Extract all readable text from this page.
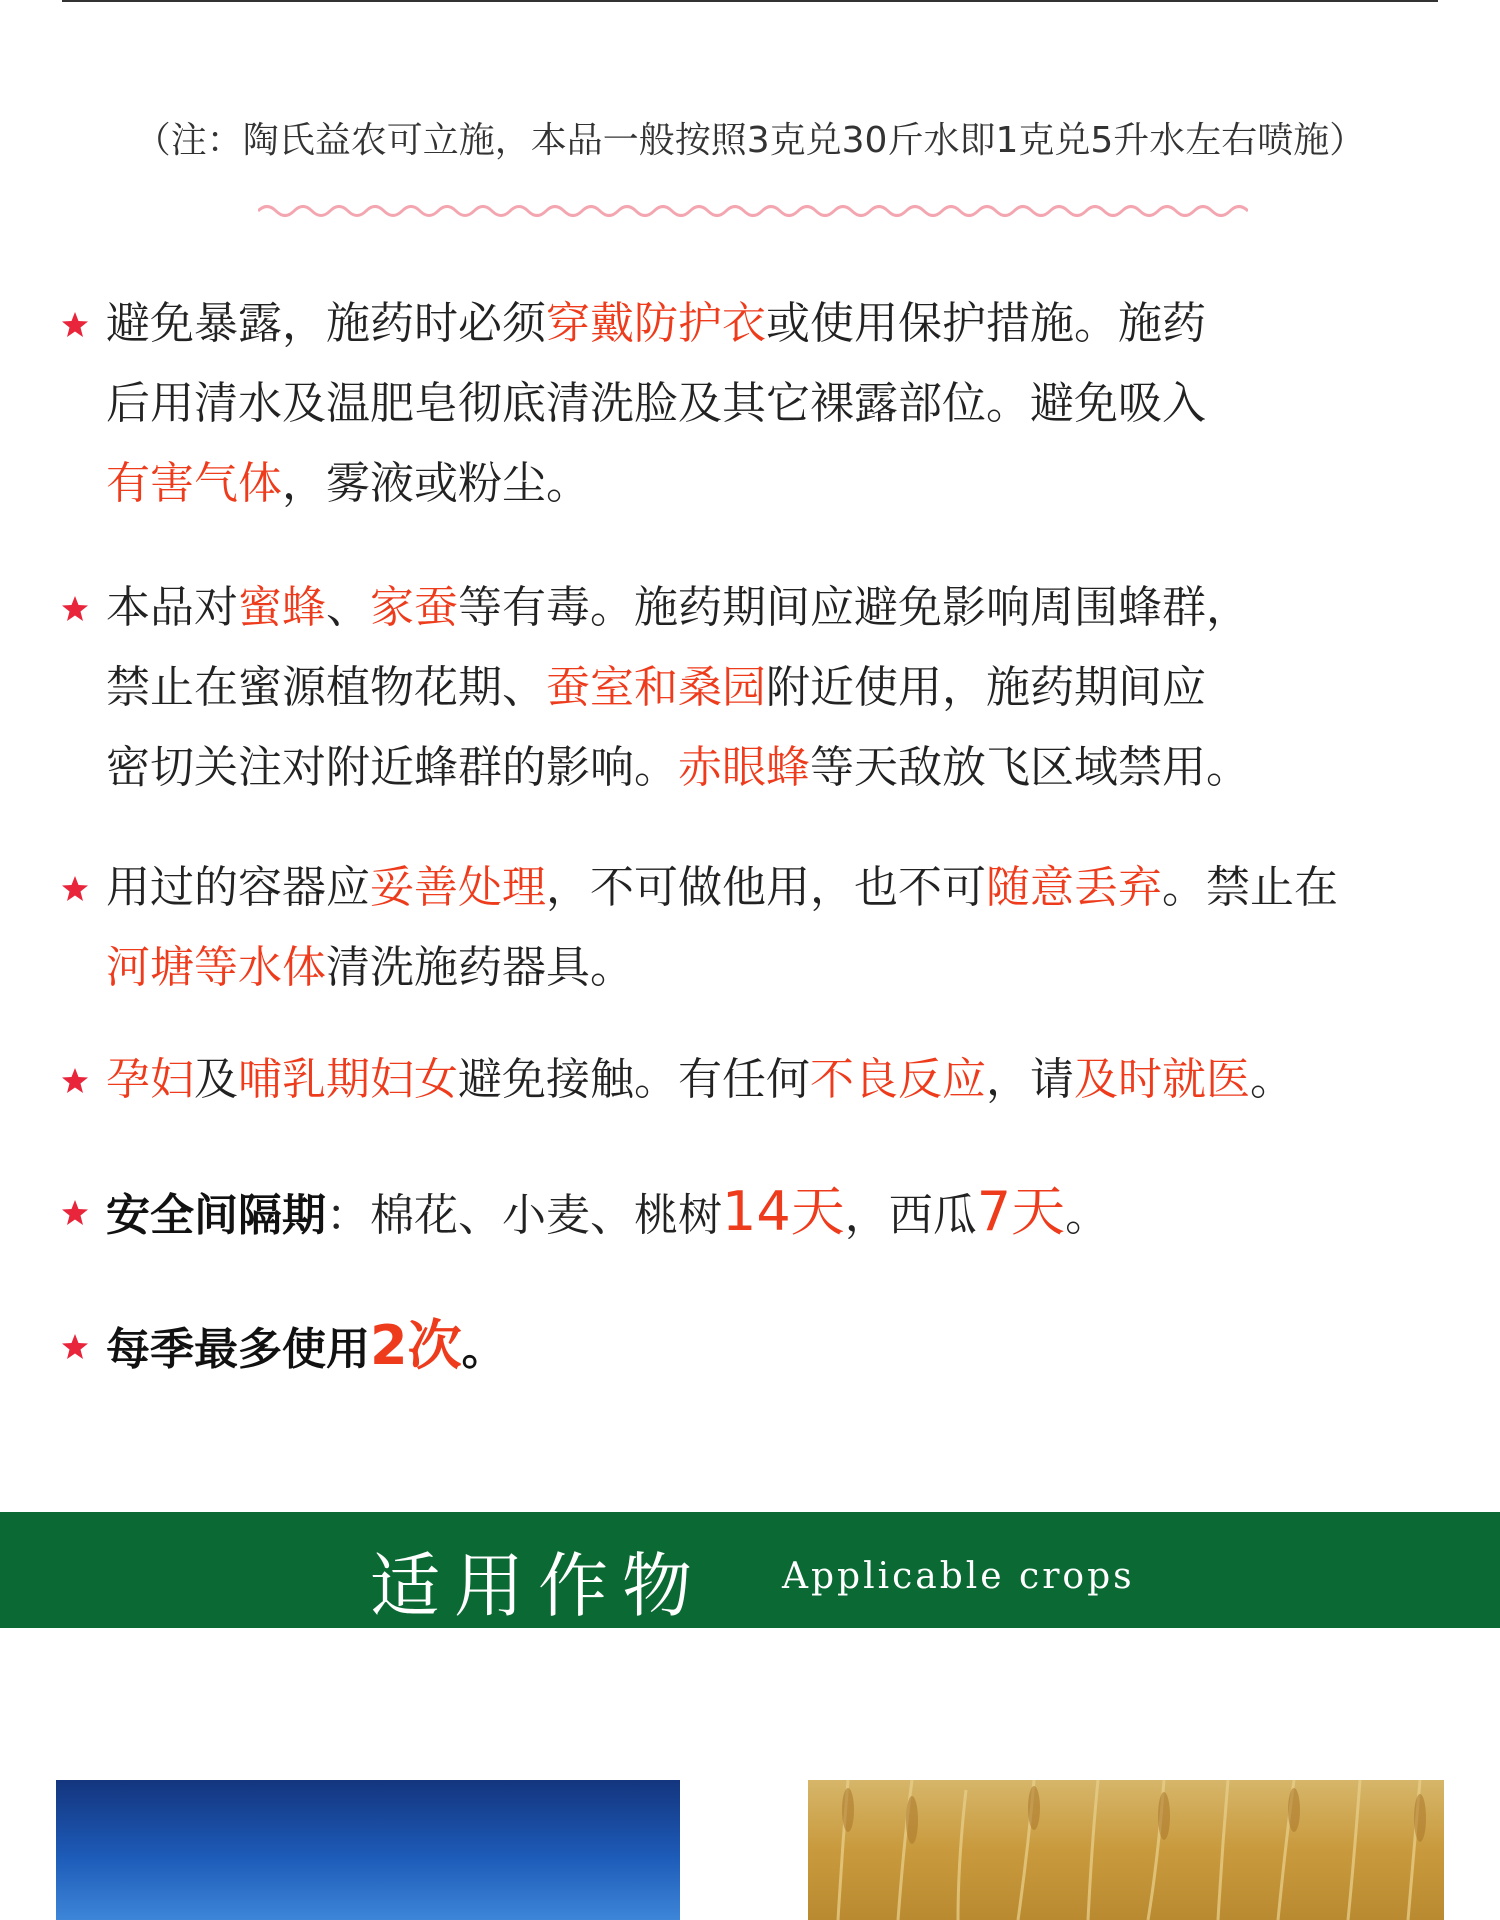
（注：陶氏益农可立施，本品一般按照3克兑30斤水即1克兑5升水左右喷施）
避免暴露，施药时必须穿戴防护衣或使用保护措施。施药
后用清水及温肥皂彻底清洗脸及其它裸露部位。避免吸入
有害气体，雾液或粉尘。
本品对蜜蜂、家蚕等有毒。施药期间应避免影响周围蜂群，
禁止在蜜源植物花期、蚕室和桑园附近使用，施药期间应
密切关注对附近蜂群的影响。赤眼蜂等天敌放飞区域禁用。
用过的容器应妥善处理，不可做他用，也不可随意丢弃。禁止在
河塘等水体清洗施药器具。
孕妇及哺乳期妇女避免接触。有任何不良反应，请及时就医。
安全间隔期：棉花、小麦、桃树14天，西瓜7天。
每季最多使用2次。
适用作物 Applicable crops
